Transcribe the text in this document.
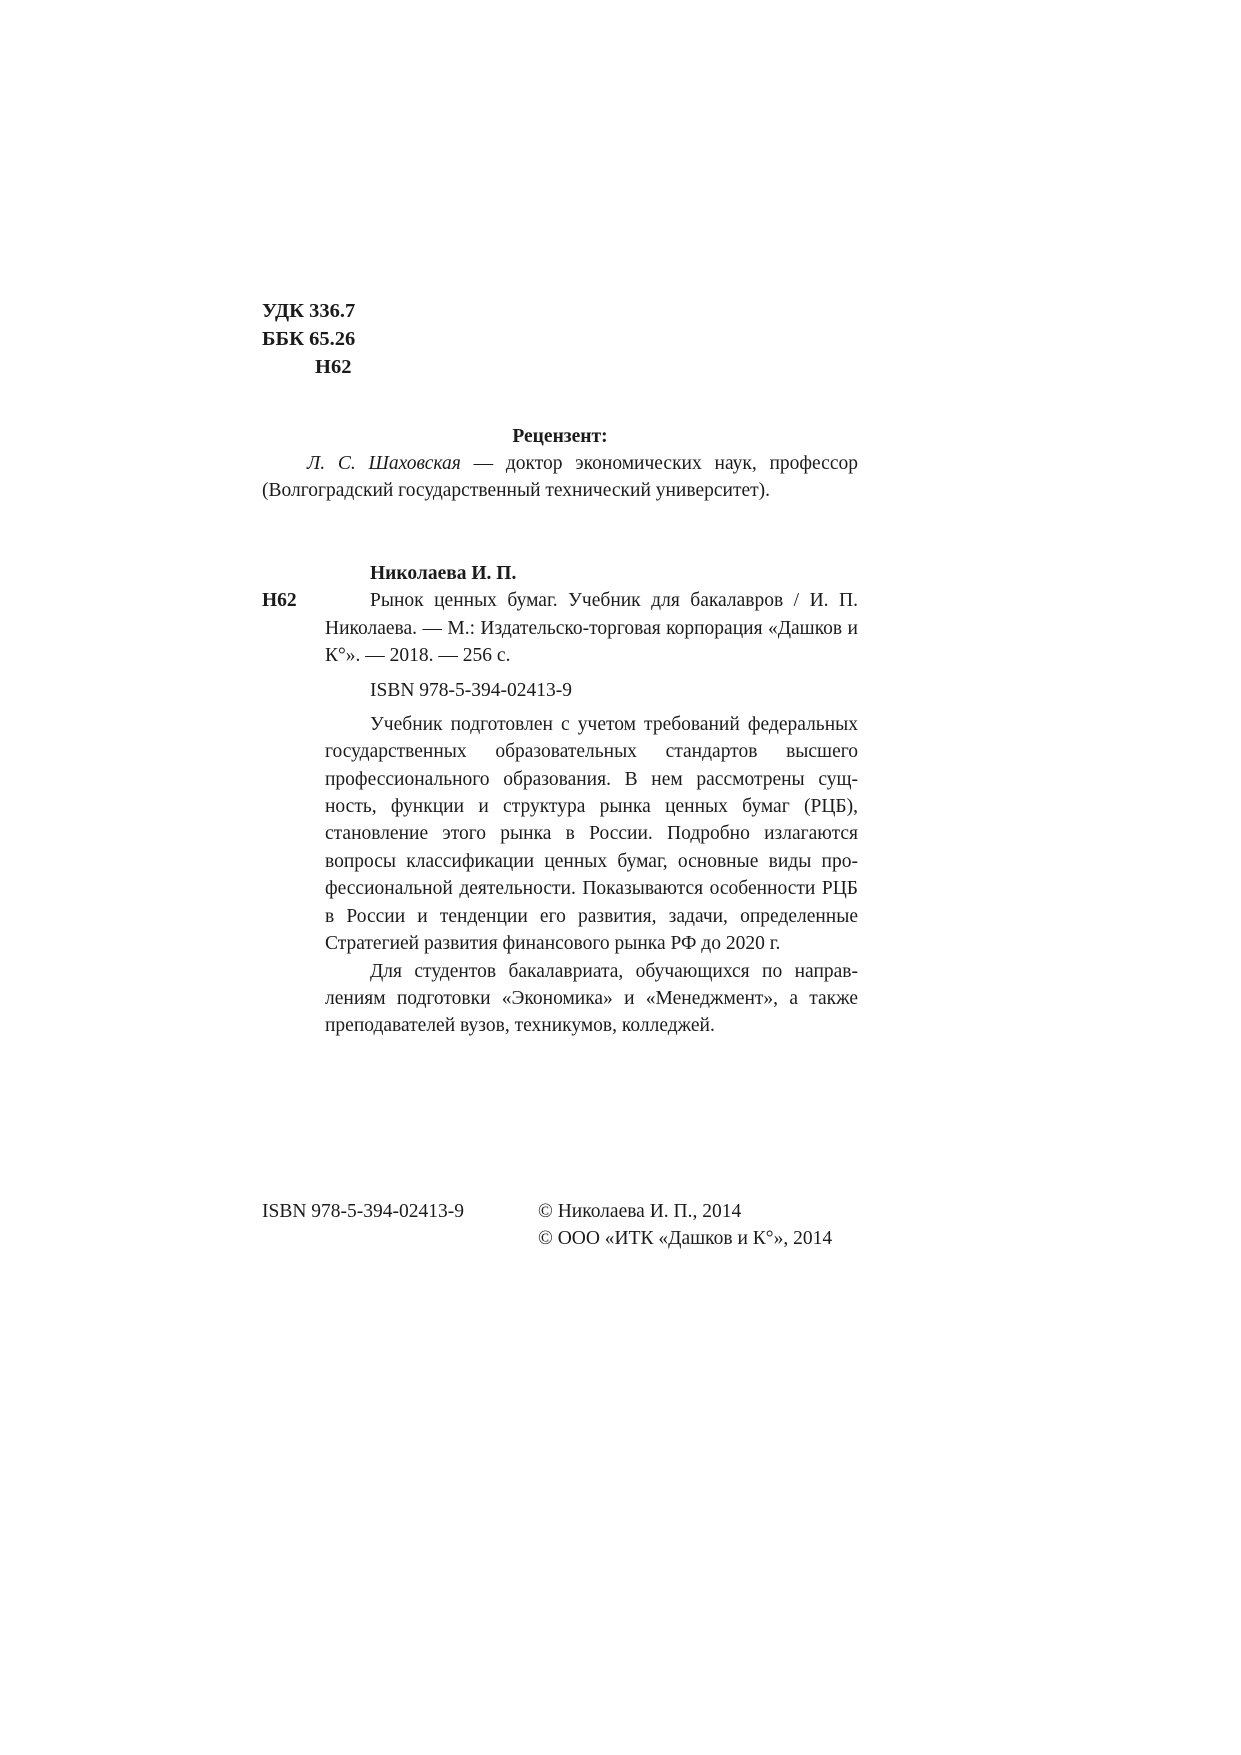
УДК 336.7
ББК 65.26
Н62
Рецензент:

Л. С. Шаховская — доктор экономических наук, профессор (Волгоградский государственный технический университет).

Николаева И. П.
Н62	Рынок ценных бумаг. Учебник для бакалавров / И. П. Николаева. — М.: Издательско-торговая корпорация «Дашков и К°». — 2018. — 256 с.

ISBN 978-5-394-02413-9

Учебник подготовлен с учетом требований федеральных государственных образовательных стандартов высшего профессионального образования. В нем рассмотрены сущность, функции и структура рынка ценных бумаг (РЦБ), становление этого рынка в России. Подробно излагаются вопросы классификации ценных бумаг, основные виды профессиональной деятельности. Показываются особенности РЦБ в России и тенденции его развития, задачи, определенные Стратегией развития финансового рынка РФ до 2020 г.

Для студентов бакалавриата, обучающихся по направлениям подготовки «Экономика» и «Менеджмент», а также преподавателей вузов, техникумов, колледжей.

ISBN 978-5-394-02413-9	© Николаева И. П., 2014
© ООО «ИТК «Дашков и К°», 2014
